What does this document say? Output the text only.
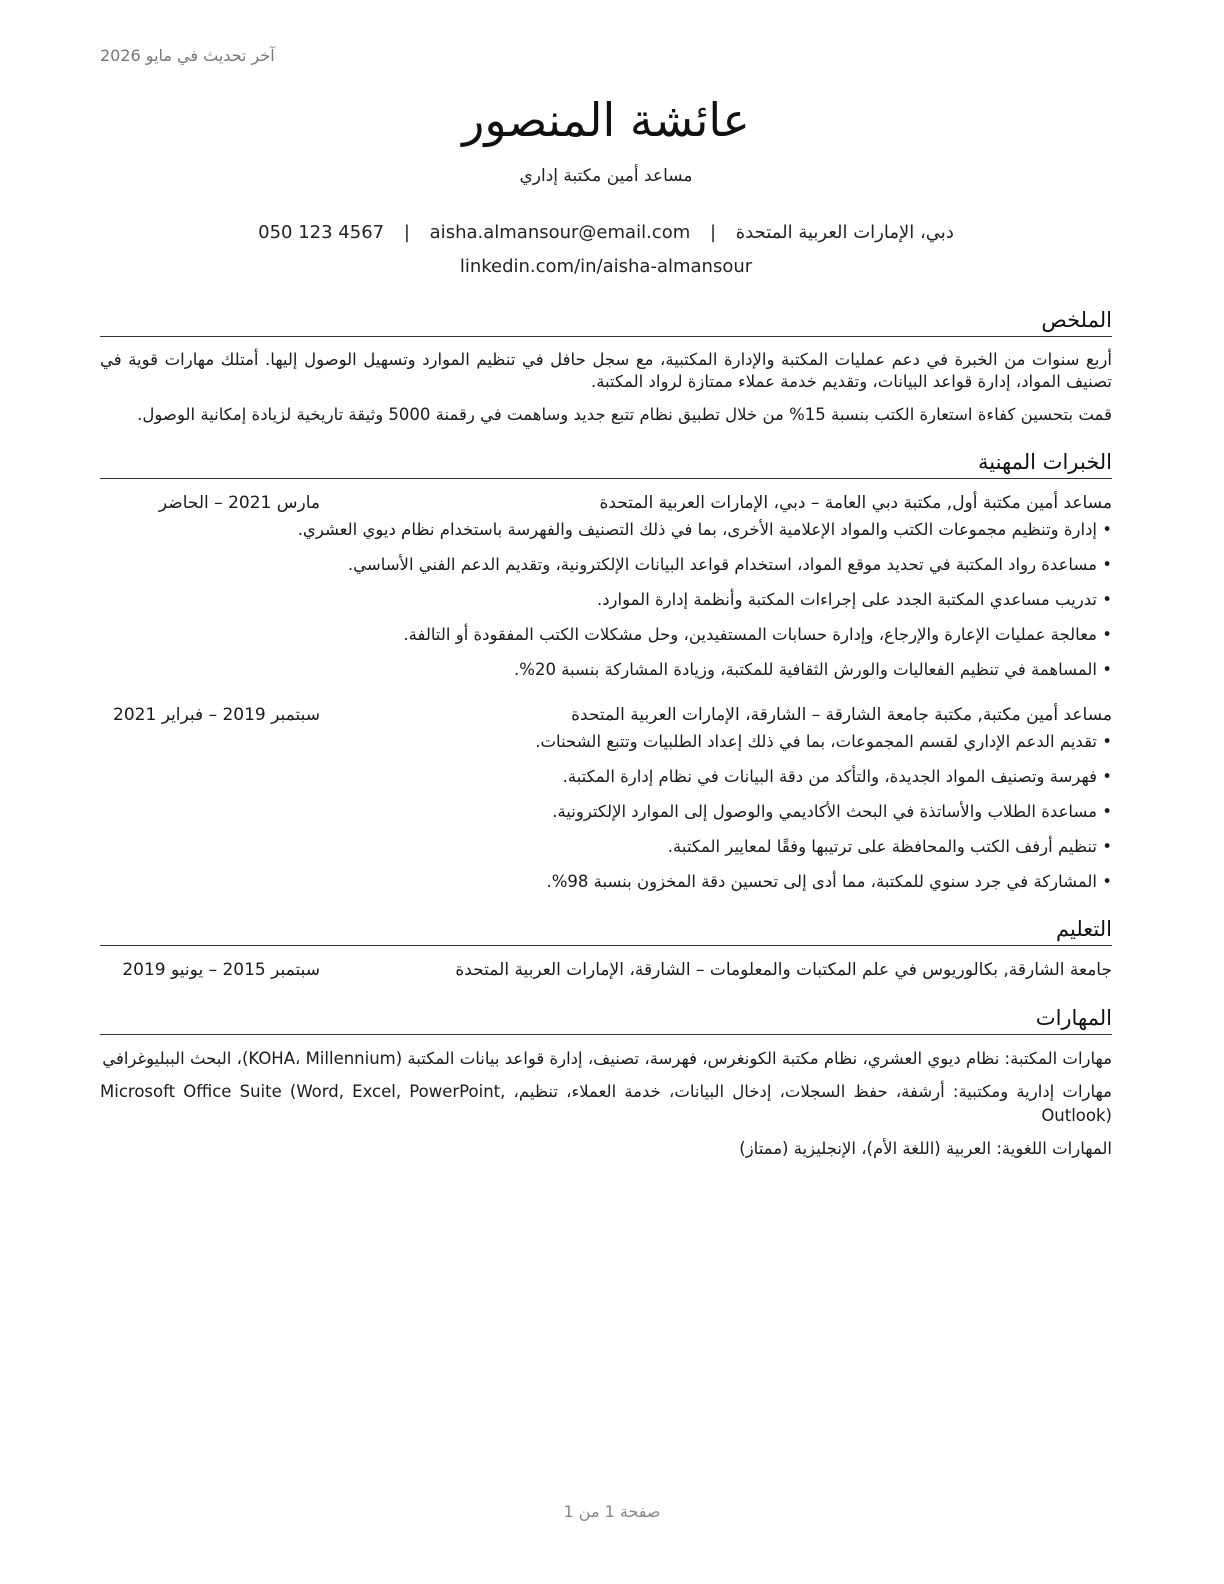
آخر تحديث في مايو 2026
عائشة المنصور
مساعد أمين مكتبة إداري
دبي، الإمارات العربية المتحدة | aisha.almansour@email.com | 050 123 4567
linkedin.com/in/aisha-almansour
الملخص

أربع سنوات من الخبرة في دعم عمليات المكتبة والإدارة المكتبية، مع سجل حافل في تنظيم الموارد وتسهيل الوصول إليها. أمتلك مهارات قوية في تصنيف المواد، إدارة قواعد البيانات، وتقديم خدمة عملاء ممتازة لرواد المكتبة.

قمت بتحسين كفاءة استعارة الكتب بنسبة 15% من خلال تطبيق نظام تتبع جديد وساهمت في رقمنة 5000 وثيقة تاريخية لزيادة إمكانية الوصول.

الخبرات المهنية
مساعد أمين مكتبة أول, مكتبة دبي العامة – دبي، الإمارات العربية المتحدة
مارس 2021 – الحاضر
• إدارة وتنظيم مجموعات الكتب والمواد الإعلامية الأخرى، بما في ذلك التصنيف والفهرسة باستخدام نظام ديوي العشري.
• مساعدة رواد المكتبة في تحديد موقع المواد، استخدام قواعد البيانات الإلكترونية، وتقديم الدعم الفني الأساسي.
• تدريب مساعدي المكتبة الجدد على إجراءات المكتبة وأنظمة إدارة الموارد.
• معالجة عمليات الإعارة والإرجاع، وإدارة حسابات المستفيدين، وحل مشكلات الكتب المفقودة أو التالفة.
• المساهمة في تنظيم الفعاليات والورش الثقافية للمكتبة، وزيادة المشاركة بنسبة 20%.
مساعد أمين مكتبة, مكتبة جامعة الشارقة – الشارقة، الإمارات العربية المتحدة
سبتمبر 2019 – فبراير 2021
• تقديم الدعم الإداري لقسم المجموعات، بما في ذلك إعداد الطلبيات وتتبع الشحنات.
• فهرسة وتصنيف المواد الجديدة، والتأكد من دقة البيانات في نظام إدارة المكتبة.
• مساعدة الطلاب والأساتذة في البحث الأكاديمي والوصول إلى الموارد الإلكترونية.
• تنظيم أرفف الكتب والمحافظة على ترتيبها وفقًا لمعايير المكتبة.
• المشاركة في جرد سنوي للمكتبة، مما أدى إلى تحسين دقة المخزون بنسبة 98%.
التعليم
جامعة الشارقة, بكالوريوس في علم المكتبات والمعلومات – الشارقة، الإمارات العربية المتحدة
سبتمبر 2015 – يونيو 2019
المهارات

مهارات المكتبة: نظام ديوي العشري، نظام مكتبة الكونغرس، فهرسة، تصنيف، إدارة قواعد بيانات المكتبة (KOHA، Millennium)، البحث الببليوغرافي

مهارات إدارية ومكتبية: أرشفة، حفظ السجلات، إدخال البيانات، خدمة العملاء، تنظيم، Microsoft Office Suite (Word, Excel, PowerPoint, Outlook)

المهارات اللغوية: العربية (اللغة الأم)، الإنجليزية (ممتاز)

صفحة 1 من 1
